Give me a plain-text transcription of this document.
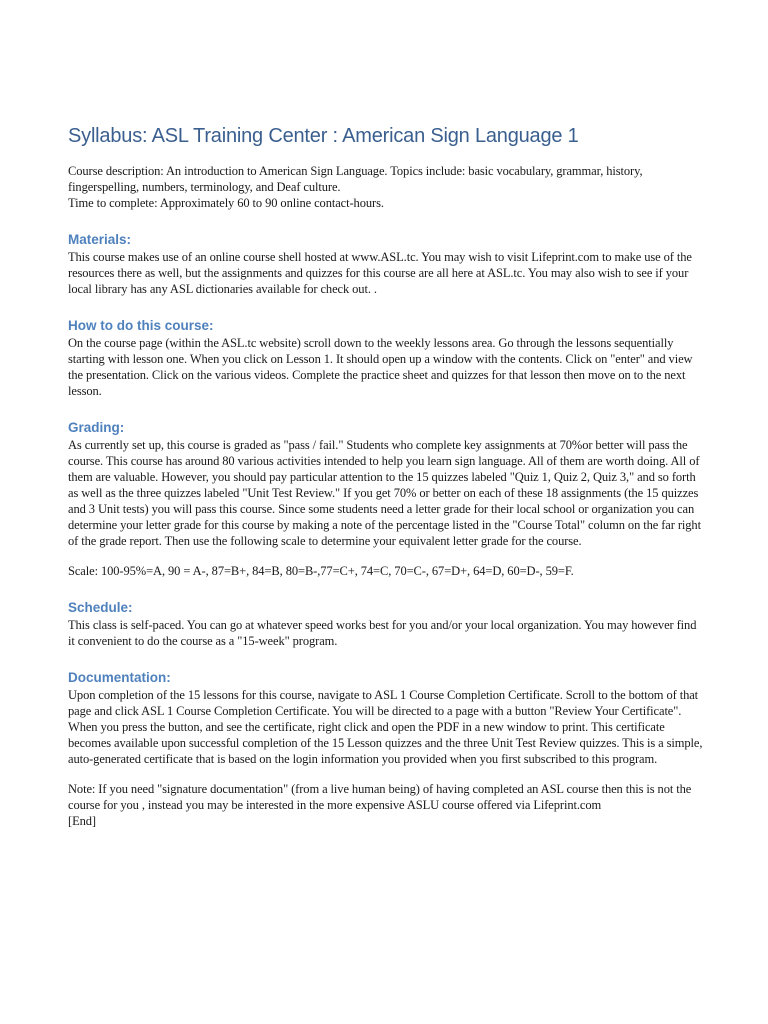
Syllabus: ASL Training Center : American Sign Language 1

Course description: An introduction to American Sign Language. Topics include: basic vocabulary, grammar, history, fingerspelling, numbers, terminology, and Deaf culture.

Time to complete: Approximately 60 to 90 online contact-hours.

Materials:

This course makes use of an online course shell hosted at www.ASL.tc. You may wish to visit Lifeprint.com to make use of the resources there as well, but the assignments and quizzes for this course are all here at ASL.tc. You may also wish to see if your local library has any ASL dictionaries available for check out. .

How to do this course:

On the course page (within the ASL.tc website) scroll down to the weekly lessons area. Go through the lessons sequentially starting with lesson one. When you click on Lesson 1. It should open up a window with the contents. Click on "enter" and view the presentation. Click on the various videos. Complete the practice sheet and quizzes for that lesson then move on to the next lesson.

Grading:

As currently set up, this course is graded as "pass / fail." Students who complete key assignments at 70%or better will pass the course. This course has around 80 various activities intended to help you learn sign language. All of them are worth doing. All of them are valuable. However, you should pay particular attention to the 15 quizzes labeled "Quiz 1, Quiz 2, Quiz 3," and so forth as well as the three quizzes labeled "Unit Test Review." If you get 70% or better on each of these 18 assignments (the 15 quizzes and 3 Unit tests) you will pass this course. Since some students need a letter grade for their local school or organization you can determine your letter grade for this course by making a note of the percentage listed in the "Course Total" column on the far right of the grade report. Then use the following scale to determine your equivalent letter grade for the course.

Scale: 100-95%=A, 90 = A-, 87=B+, 84=B, 80=B-,77=C+, 74=C, 70=C-, 67=D+, 64=D, 60=D-, 59=F.

Schedule:

This class is self-paced. You can go at whatever speed works best for you and/or your local organization. You may however find it convenient to do the course as a "15-week" program.

Documentation:

Upon completion of the 15 lessons for this course, navigate to ASL 1 Course Completion Certificate. Scroll to the bottom of that page and click ASL 1 Course Completion Certificate. You will be directed to a page with a button "Review Your Certificate". When you press the button, and see the certificate, right click and open the PDF in a new window to print. This certificate becomes available upon successful completion of the 15 Lesson quizzes and the three Unit Test Review quizzes. This is a simple, auto-generated certificate that is based on the login information you provided when you first subscribed to this program.

Note: If you need "signature documentation" (from a live human being) of having completed an ASL course then this is not the course for you , instead you may be interested in the more expensive ASLU course offered via Lifeprint.com

[End]
